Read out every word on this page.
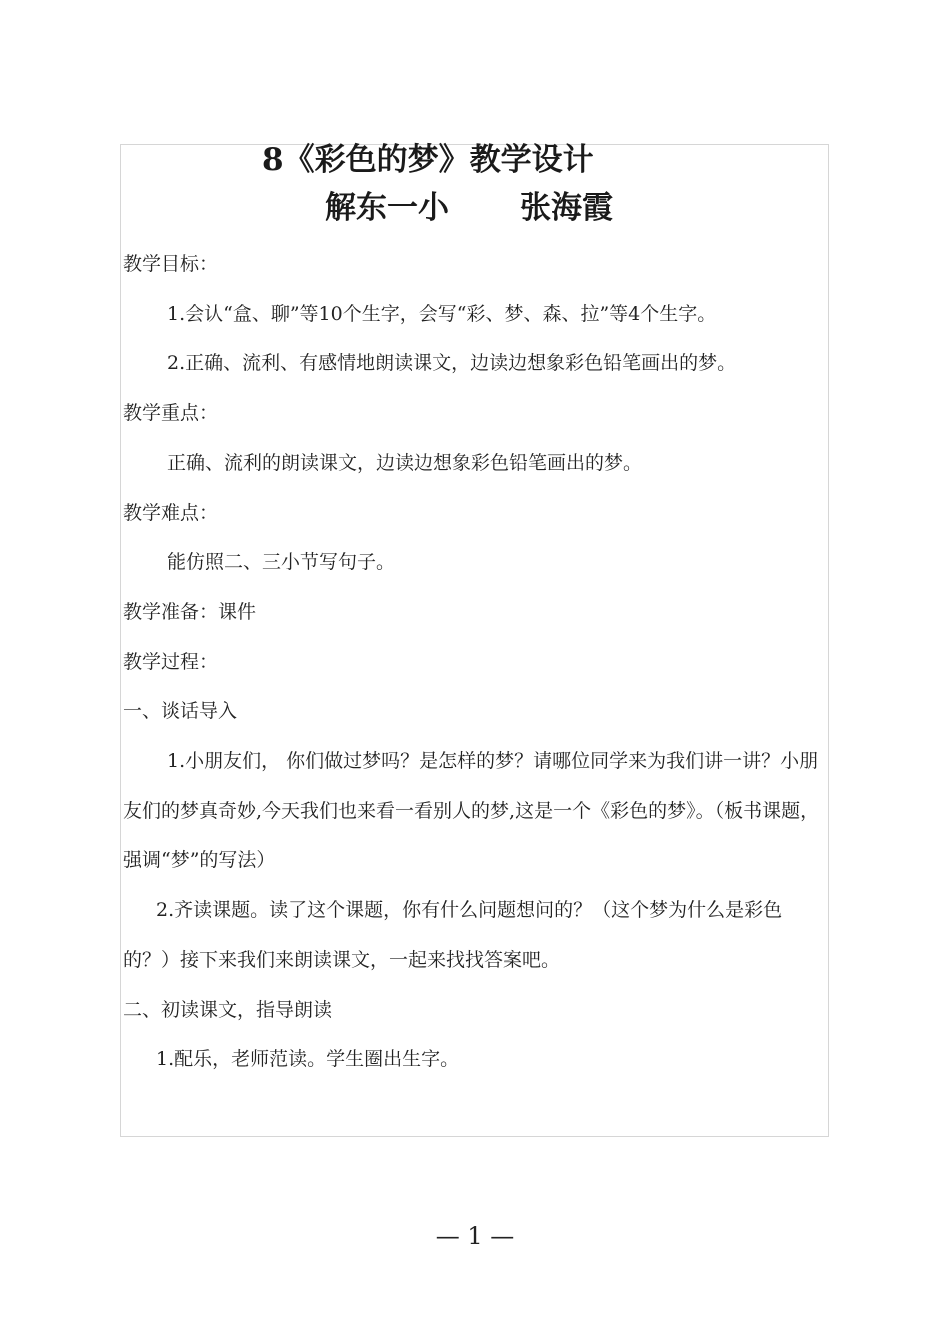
8《彩色的梦》教学设计
解东一小 张海霞

教学目标：

1.会认“盒、聊”等10个生字，会写“彩、梦、森、拉”等4个生字。

2.正确、流利、有感情地朗读课文，边读边想象彩色铅笔画出的梦。

教学重点：

正确、流利的朗读课文，边读边想象彩色铅笔画出的梦。

教学难点：

能仿照二、三小节写句子。

教学准备：课件

教学过程：

一、谈话导入

1.小朋友们， 你们做过梦吗？是怎样的梦？请哪位同学来为我们讲一讲？小朋友们的梦真奇妙,今天我们也来看一看别人的梦,这是一个《彩色的梦》。（板书课题，强调“梦”的写法）

2.齐读课题。读了这个课题，你有什么问题想问的？（这个梦为什么是彩色的？）接下来我们来朗读课文，一起来找找答案吧。

二、初读课文，指导朗读

1.配乐，老师范读。学生圈出生字。

— 1 —
